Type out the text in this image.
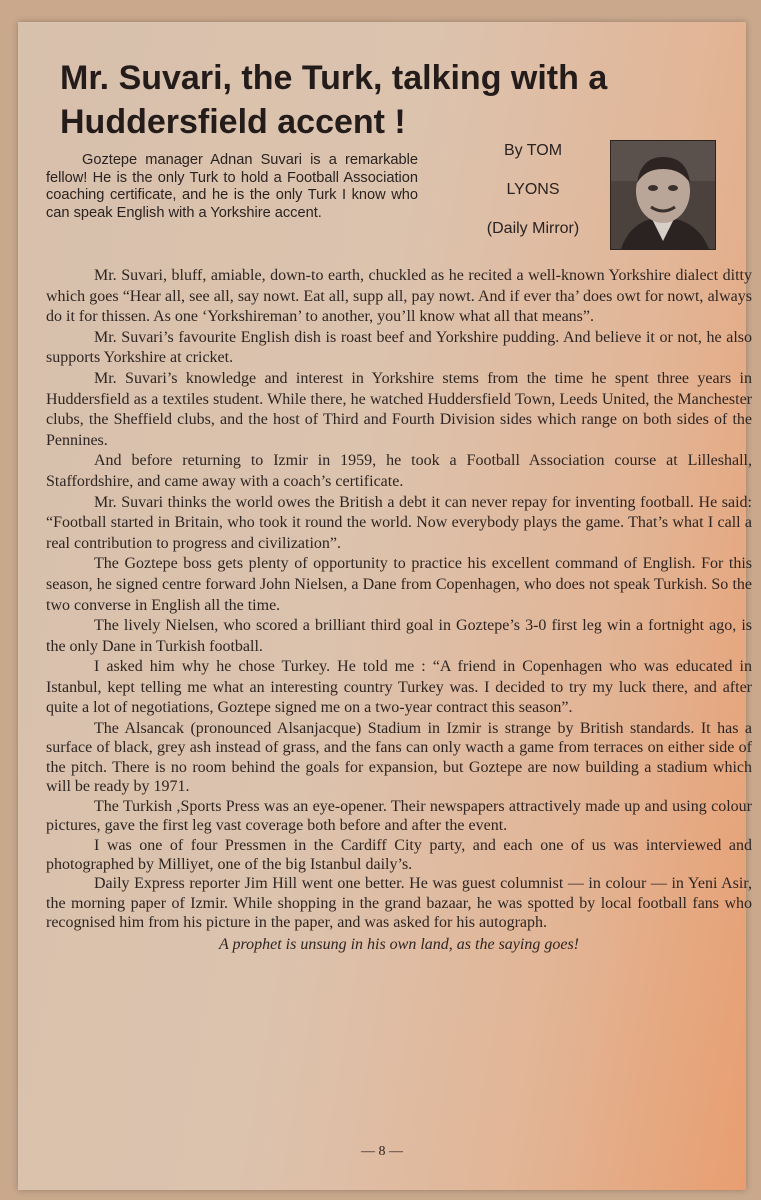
Mr. Suvari, the Turk, talking with a Huddersfield accent !
By TOM
LYONS
(Daily Mirror)

Goztepe manager Adnan Suvari is a remarkable fellow! He is the only Turk to hold a Football Association coaching certificate, and he is the only Turk I know who can speak English with a Yorkshire accent.

Mr. Suvari, bluff, amiable, down-to earth, chuckled as he recited a well-known Yorkshire dialect ditty which goes “Hear all, see all, say nowt. Eat all, supp all, pay nowt. And if ever tha’ does owt for nowt, always do it for thissen. As one ‘Yorkshireman’ to another, you’ll know what all that means”.

Mr. Suvari’s favourite English dish is roast beef and Yorkshire pudding. And believe it or not, he also supports Yorkshire at cricket.

Mr. Suvari’s knowledge and interest in Yorkshire stems from the time he spent three years in Huddersfield as a textiles student. While there, he watched Huddersfield Town, Leeds United, the Manchester clubs, the Sheffield clubs, and the host of Third and Fourth Division sides which range on both sides of the Pennines.

And before returning to Izmir in 1959, he took a Football Association course at Lilleshall, Staffordshire, and came away with a coach’s certificate.

Mr. Suvari thinks the world owes the British a debt it can never repay for inventing football. He said: “Football started in Britain, who took it round the world. Now everybody plays the game. That’s what I call a real contribution to progress and civilization”.

The Goztepe boss gets plenty of opportunity to practice his excellent command of English. For this season, he signed centre forward John Nielsen, a Dane from Copenhagen, who does not speak Turkish. So the two converse in English all the time.

The lively Nielsen, who scored a brilliant third goal in Goztepe’s 3-0 first leg win a fortnight ago, is the only Dane in Turkish football.

I asked him why he chose Turkey. He told me : “A friend in Copenhagen who was educated in Istanbul, kept telling me what an interesting country Turkey was. I decided to try my luck there, and after quite a lot of negotiations, Goztepe signed me on a two-year contract this season”.

The Alsancak (pronounced Alsanjacque) Stadium in Izmir is strange by British standards. It has a surface of black, grey ash instead of grass, and the fans can only wacth a game from terraces on either side of the pitch. There is no room behind the goals for expansion, but Goztepe are now building a stadium which will be ready by 1971.

The Turkish ,Sports Press was an eye-opener. Their newspapers attractively made up and using colour pictures, gave the first leg vast coverage both before and after the event.

I was one of four Pressmen in the Cardiff City party, and each one of us was interviewed and photographed by Milliyet, one of the big Istanbul daily’s.

Daily Express reporter Jim Hill went one better. He was guest columnist — in colour — in Yeni Asir, the morning paper of Izmir. While shopping in the grand bazaar, he was spotted by local football fans who recognised him from his picture in the paper, and was asked for his autograph.

A prophet is unsung in his own land, as the saying goes!

— 8 —
